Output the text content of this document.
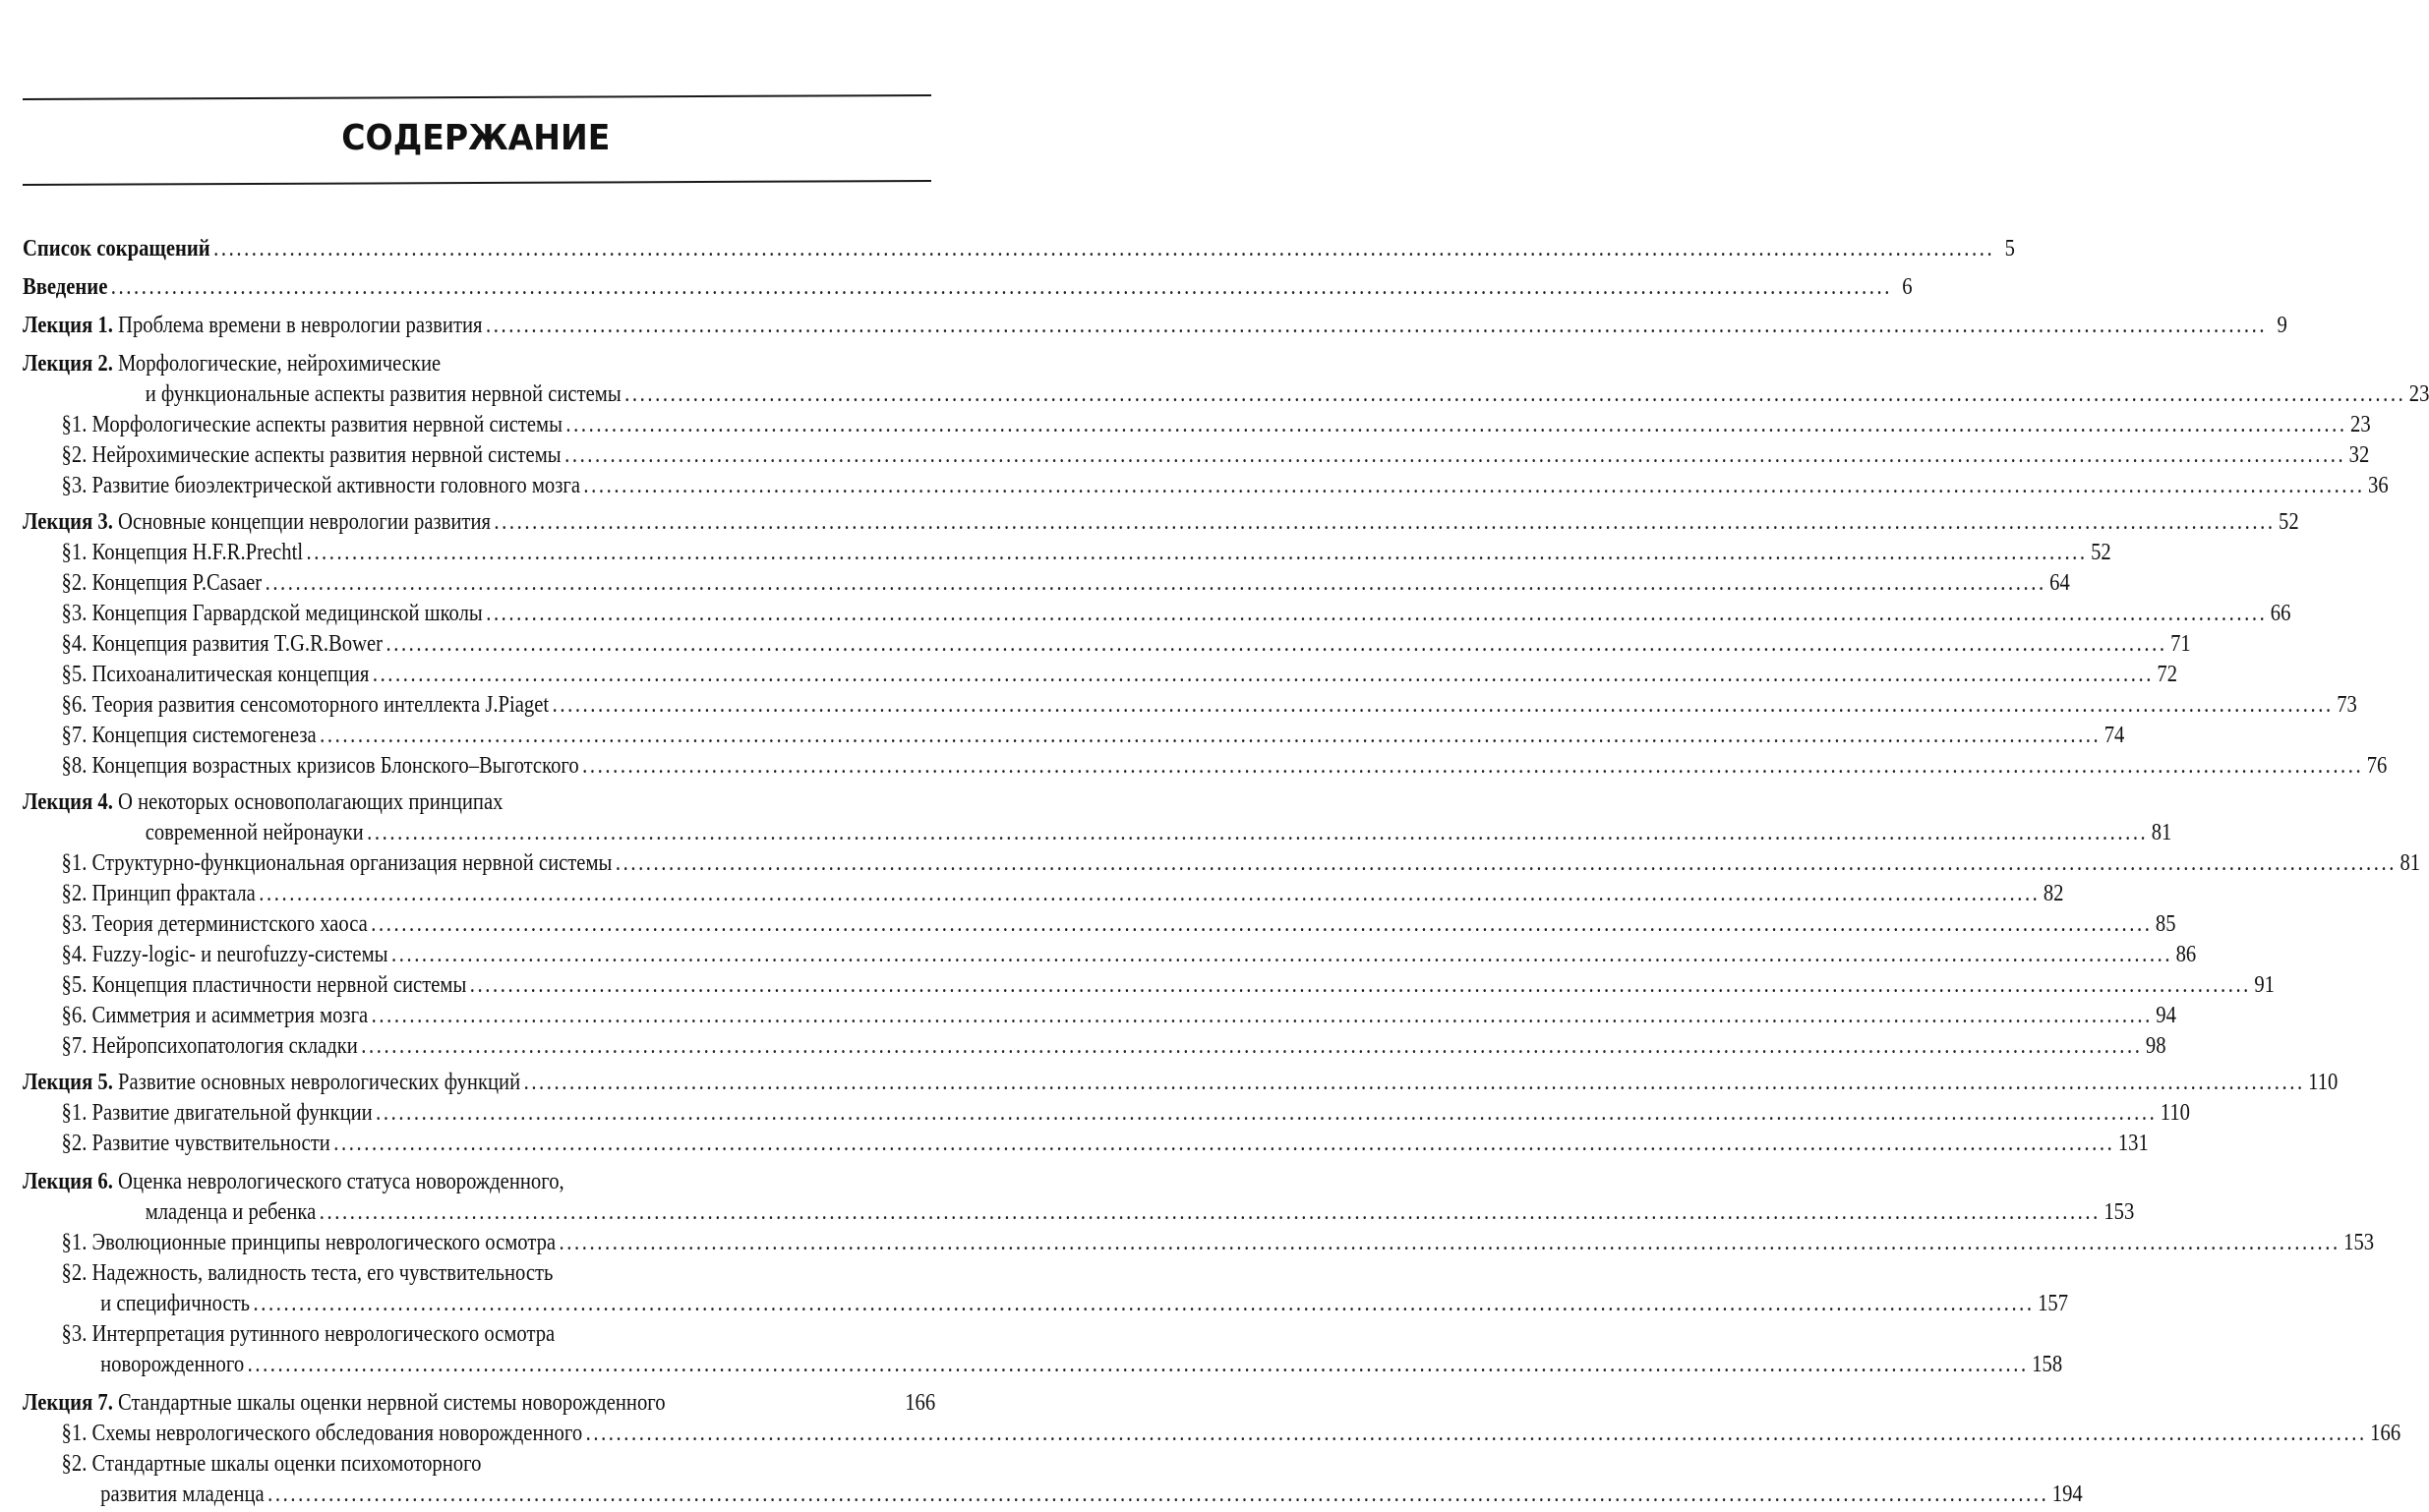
СОДЕРЖАНИЕ
Список сокращений .....	5
Введение .....	6
Лекция 1. Проблема времени в неврологии развития .....	9
Лекция 2. Морфологические, нейрохимические
и функциональные аспекты развития нервной системы .....	23
§1. Морфологические аспекты развития нервной системы .....	23
§2. Нейрохимические аспекты развития нервной системы .....	32
§3. Развитие биоэлектрической активности головного мозга .....	36
Лекция 3. Основные концепции неврологии развития .....	52
§1. Концепция H.F.R.Prechtl .....	52
§2. Концепция P.Casaer .....	64
§3. Концепция Гарвардской медицинской школы .....	66
§4. Концепция развития T.G.R.Bower .....	71
§5. Психоаналитическая концепция .....	72
§6. Теория развития сенсомоторного интеллекта J.Piaget .....	73
§7. Концепция системогенеза .....	74
§8. Концепция возрастных кризисов Блонского–Выготского .....	76
Лекция 4. О некоторых основополагающих принципах
современной нейронауки .....	81
§1. Структурно-функциональная организация нервной системы .....	81
§2. Принцип фрактала .....	82
§3. Теория детерминистского хаоса .....	85
§4. Fuzzy-logic- и neurofuzzy-системы .....	86
§5. Концепция пластичности нервной системы .....	91
§6. Симметрия и асимметрия мозга .....	94
§7. Нейропсихопатология складки .....	98
Лекция 5. Развитие основных неврологических функций .....	110
§1. Развитие двигательной функции .....	110
§2. Развитие чувствительности .....	131
Лекция 6. Оценка неврологического статуса новорожденного,
младенца и ребенка .....	153
§1. Эволюционные принципы неврологического осмотра .....	153
§2. Надежность, валидность теста, его чувствительность
и специфичность .....	157
§3. Интерпретация рутинного неврологического осмотра
новорожденного .....	158
Лекция 7. Стандартные шкалы оценки нервной системы новорожденного	166
§1. Схемы неврологического обследования новорожденного .....	166
§2. Стандартные шкалы оценки психомоторного
развития младенца .....	194
